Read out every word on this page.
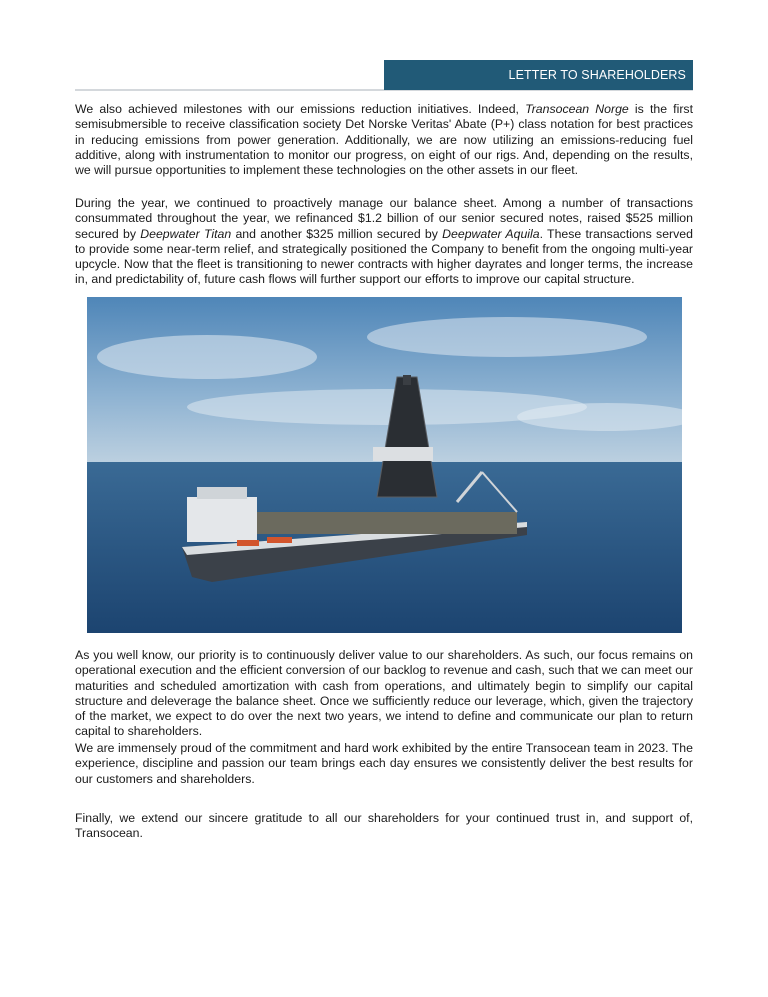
LETTER TO SHAREHOLDERS
We also achieved milestones with our emissions reduction initiatives. Indeed, Transocean Norge is the first semisubmersible to receive classification society Det Norske Veritas' Abate (P+) class notation for best practices in reducing emissions from power generation. Additionally, we are now utilizing an emissions-reducing fuel additive, along with instrumentation to monitor our progress, on eight of our rigs. And, depending on the results, we will pursue opportunities to implement these technologies on the other assets in our fleet.
During the year, we continued to proactively manage our balance sheet. Among a number of transactions consummated throughout the year, we refinanced $1.2 billion of our senior secured notes, raised $525 million secured by Deepwater Titan and another $325 million secured by Deepwater Aquila. These transactions served to provide some near-term relief, and strategically positioned the Company to benefit from the ongoing multi-year upcycle. Now that the fleet is transitioning to newer contracts with higher dayrates and longer terms, the increase in, and predictability of, future cash flows will further support our efforts to improve our capital structure.
As you well know, our priority is to continuously deliver value to our shareholders. As such, our focus remains on operational execution and the efficient conversion of our backlog to revenue and cash, such that we can meet our maturities and scheduled amortization with cash from operations, and ultimately begin to simplify our capital structure and deleverage the balance sheet. Once we sufficiently reduce our leverage, which, given the trajectory of the market, we expect to do over the next two years, we intend to define and communicate our plan to return capital to shareholders.
We are immensely proud of the commitment and hard work exhibited by the entire Transocean team in 2023. The experience, discipline and passion our team brings each day ensures we consistently deliver the best results for our customers and shareholders.
Finally, we extend our sincere gratitude to all our shareholders for your continued trust in, and support of, Transocean.
